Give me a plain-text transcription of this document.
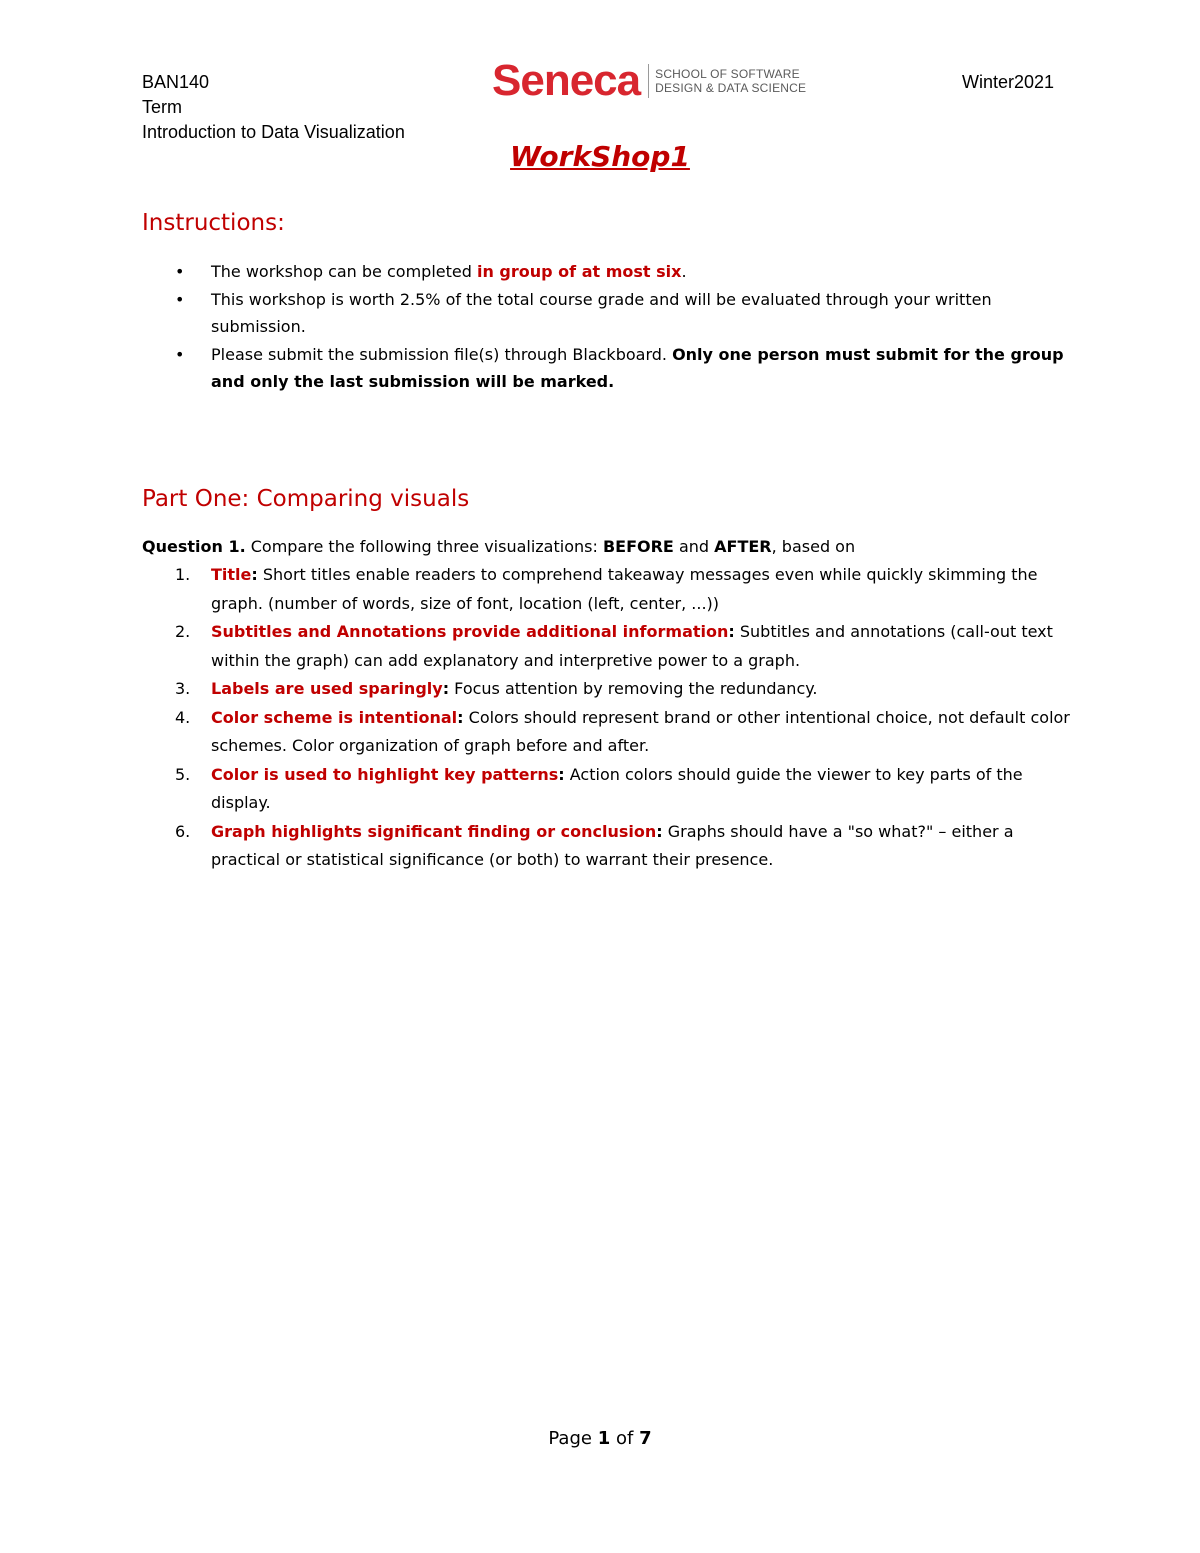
BAN140
Term
Introduction to Data Visualization
Seneca SCHOOL OF SOFTWARE
DESIGN & DATA SCIENCE	Winter2021
WorkShop1
Instructions:
• The workshop can be completed in group of at most six.
• This workshop is worth 2.5% of the total course grade and will be evaluated through your written submission.
• Please submit the submission file(s) through Blackboard. Only one person must submit for the group and only the last submission will be marked.
Part One: Comparing visuals
Question 1. Compare the following three visualizations: BEFORE and AFTER, based on
1. Title: Short titles enable readers to comprehend takeaway messages even while quickly skimming the graph. (number of words, size of font, location (left, center, ...))
2. Subtitles and Annotations provide additional information: Subtitles and annotations (call-out text within the graph) can add explanatory and interpretive power to a graph.
3. Labels are used sparingly: Focus attention by removing the redundancy.
4. Color scheme is intentional: Colors should represent brand or other intentional choice, not default color schemes. Color organization of graph before and after.
5. Color is used to highlight key patterns: Action colors should guide the viewer to key parts of the display.
6. Graph highlights significant finding or conclusion: Graphs should have a "so what?" – either a practical or statistical significance (or both) to warrant their presence.
Page 1 of 7
